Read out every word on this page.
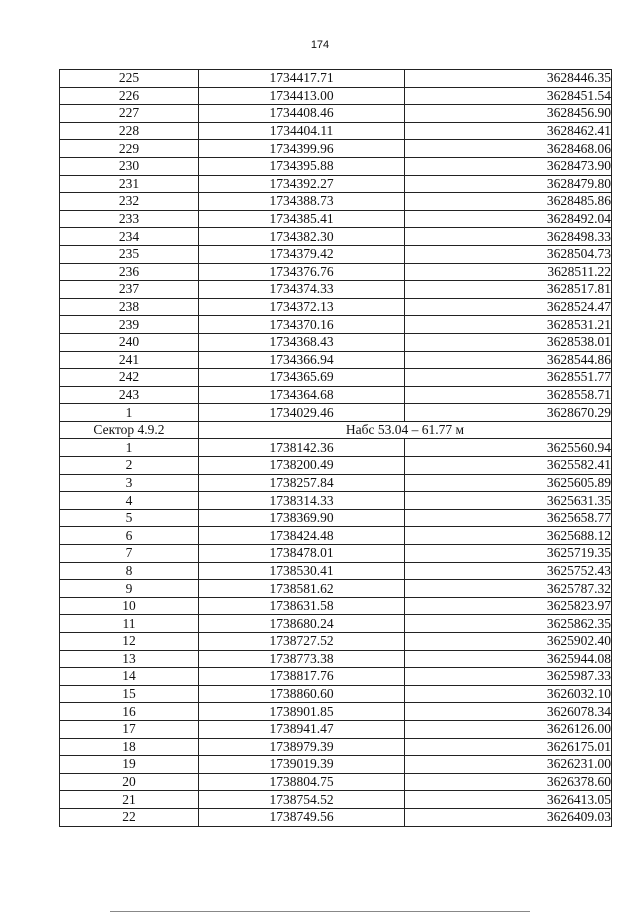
174
225	1734417.71	3628446.35
226	1734413.00	3628451.54
227	1734408.46	3628456.90
228	1734404.11	3628462.41
229	1734399.96	3628468.06
230	1734395.88	3628473.90
231	1734392.27	3628479.80
232	1734388.73	3628485.86
233	1734385.41	3628492.04
234	1734382.30	3628498.33
235	1734379.42	3628504.73
236	1734376.76	3628511.22
237	1734374.33	3628517.81
238	1734372.13	3628524.47
239	1734370.16	3628531.21
240	1734368.43	3628538.01
241	1734366.94	3628544.86
242	1734365.69	3628551.77
243	1734364.68	3628558.71
1	1734029.46	3628670.29
Сектор 4.9.2	Набс 53.04 – 61.77 м	
1	1738142.36	3625560.94
2	1738200.49	3625582.41
3	1738257.84	3625605.89
4	1738314.33	3625631.35
5	1738369.90	3625658.77
6	1738424.48	3625688.12
7	1738478.01	3625719.35
8	1738530.41	3625752.43
9	1738581.62	3625787.32
10	1738631.58	3625823.97
11	1738680.24	3625862.35
12	1738727.52	3625902.40
13	1738773.38	3625944.08
14	1738817.76	3625987.33
15	1738860.60	3626032.10
16	1738901.85	3626078.34
17	1738941.47	3626126.00
18	1738979.39	3626175.01
19	1739019.39	3626231.00
20	1738804.75	3626378.60
21	1738754.52	3626413.05
22	1738749.56	3626409.03
